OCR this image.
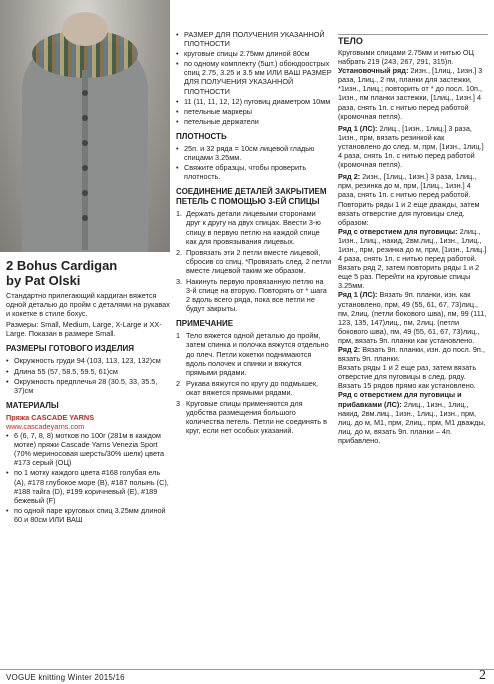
2 Bohus Cardigan
by Pat Olski

Стандартно прилегающий кардиган вяжется одной деталью до пройм с деталями на рукавах и кокетке в стиле бохус.

Размеры: Small, Medium, Large, X-Large и XX-Large. Показан в размере Small.

РАЗМЕРЫ ГОТОВОГО ИЗДЕЛИЯ
• Окружность груди 94 (103, 113, 123, 132)см
• Длина 55 (57, 58.5, 59.5, 61)см
• Окружность предплечья 28 (30.5, 33, 35.5, 37)см
МАТЕРИАЛЫ
Пряжа CASCADE YARNS
www.cascadeyarns.com
• 6 (6, 7, 8, 8) мотков по 100г (281м в каждом мотке) пряжи Cascade Yarns Venezia Sport (70% мериносовая шерсть/30% шелк) цвета #173 серый (ОЦ)
• по 1 мотку каждого цвета #168 голубая ель (A), #178 глубокое море (B), #187 полынь (C), #188 тайга (D), #199 коричневый (E), #189 бежевый (F)
• по одной паре круговых спиц 3.25мм длиной 60 и 80см ИЛИ ВАШ
• РАЗМЕР ДЛЯ ПОЛУЧЕНИЯ УКАЗАННОЙ ПЛОТНОСТИ
• круговые спицы 2.75мм длиной 80см
• по одному комплекту (5шт.) обоюдоострых спиц 2.75, 3.25 и 3.5 мм ИЛИ ВАШ РАЗМЕР ДЛЯ ПОЛУЧЕНИЯ УКАЗАННОЙ ПЛОТНОСТИ
• 11 (11, 11, 12, 12) пуговиц диаметром 10мм
• петельные маркеры
• петельные держатели
ПЛОТНОСТЬ
• 25п. и 32 ряда = 10см лицевой гладью спицами 3.25мм.
• Свяжите образцы, чтобы проверить плотность.
СОЕДИНЕНИЕ ДЕТАЛЕЙ ЗАКРЫТИЕМ ПЕТЕЛЬ С ПОМОЩЬЮ 3-ЕЙ СПИЦЫ
1. Держать детали лицевыми сторонами друг к другу на двух спицах. Ввести 3-ю спицу в первую петлю на каждой спице как для провязывания лицевых.
2. Провязать эти 2 петли вместе лицевой, сбросив со спиц. *Провязать след. 2 петли вместе лицевой таким же образом.
3. Накинуть первую провязанную петлю на 3-й спице на вторую. Повторять от * шага 2 вдоль всего ряда, пока все петли не будут закрыты.
ПРИМЕЧАНИЕ
1 Тело вяжется одной деталью до пройм, затем спинка и полочка вяжутся отдельно до плеч. Петли кокетки поднимаются вдоль полочек и спинки и вяжутся прямыми рядами.
2 Рукава вяжутся по кругу до подмышек, окат вяжется прямыми рядами.
3 Круговые спицы применяются для удобства размещения большого количества петель. Петли не соединять в круг, если нет особых указаний.
ТЕЛО

Круговыми спицами 2.75мм и нитью ОЦ набрать 219 (243, 267, 291, 315)п.

Установочный ряд: 2изн., [1лиц., 1изн.] 3 раза, 1лиц., 2 пм, планки для застежки, *1изн., 1лиц.; повторить от * до посл. 10п., 1изн., пм планки застежки, [1лиц., 1изн.] 4 раза, снять 1п. с нитью перед работой (кромочная петля).

Ряд 1 (ЛС): 2лиц., [1изн., 1лиц.] 3 раза, 1изн., прм, вязать резинкой как установлено до след. м, прм, [1изн., 1лиц.] 4 раза, снять 1п. с нитью перед работой (кромочная петля).

Ряд 2: 2изн., [1лиц., 1изн.] 3 раза, 1лиц., прм, резинка до м, прм, [1лиц., 1изн.] 4 раза, снять 1п. с нитью перед работой.

Повторить ряды 1 и 2 еще дважды, затем вязать отверстие для пуговицы след. образом:

Ряд с отверстием для пуговицы: 2лиц., 1изн., 1лиц., накид, 2вм.лиц., 1изн., 1лиц., 1изн., прм, резинка до м, прм, [1изн., 1лиц.] 4 раза, снять 1п. с нитью перед работой.

Вязать ряд 2, затем повторить ряды 1 и 2 еще 5 раз. Перейти на круговые спицы 3.25мм.

Ряд 1 (ЛС): Вязать 9п. планки, изн. как установлено, прм, 49 (55, 61, 67, 73)лиц., пм, 2лиц. (петли бокового шва), пм, 99 (111, 123, 135, 147)лиц., пм, 2лиц. (петли бокового шва), пм, 49 (55, 61, 67, 73)лиц., прм, вязать 9п. планки как установлено.

Ряд 2: Вязать 9п. планки, изн. до посл. 9п., вязать 9п. планки.

Вязать ряды 1 и 2 еще раз, затем вязать отверстие для пуговицы в след. ряду. Вязать 15 рядов прямо как установлено.

Ряд с отверстием для пуговицы и прибавками (ЛС): 2лиц., 1изн., 1лиц., накид, 2вм.лиц., 1изн., 1лиц., 1изн., прм, лиц. до м, М1, прм, 2лиц., прм, М1 дважды, лиц. до м, вязать 9п. планки – 4п. прибавлено.

VOGUE knitting Winter 2015/16	2
